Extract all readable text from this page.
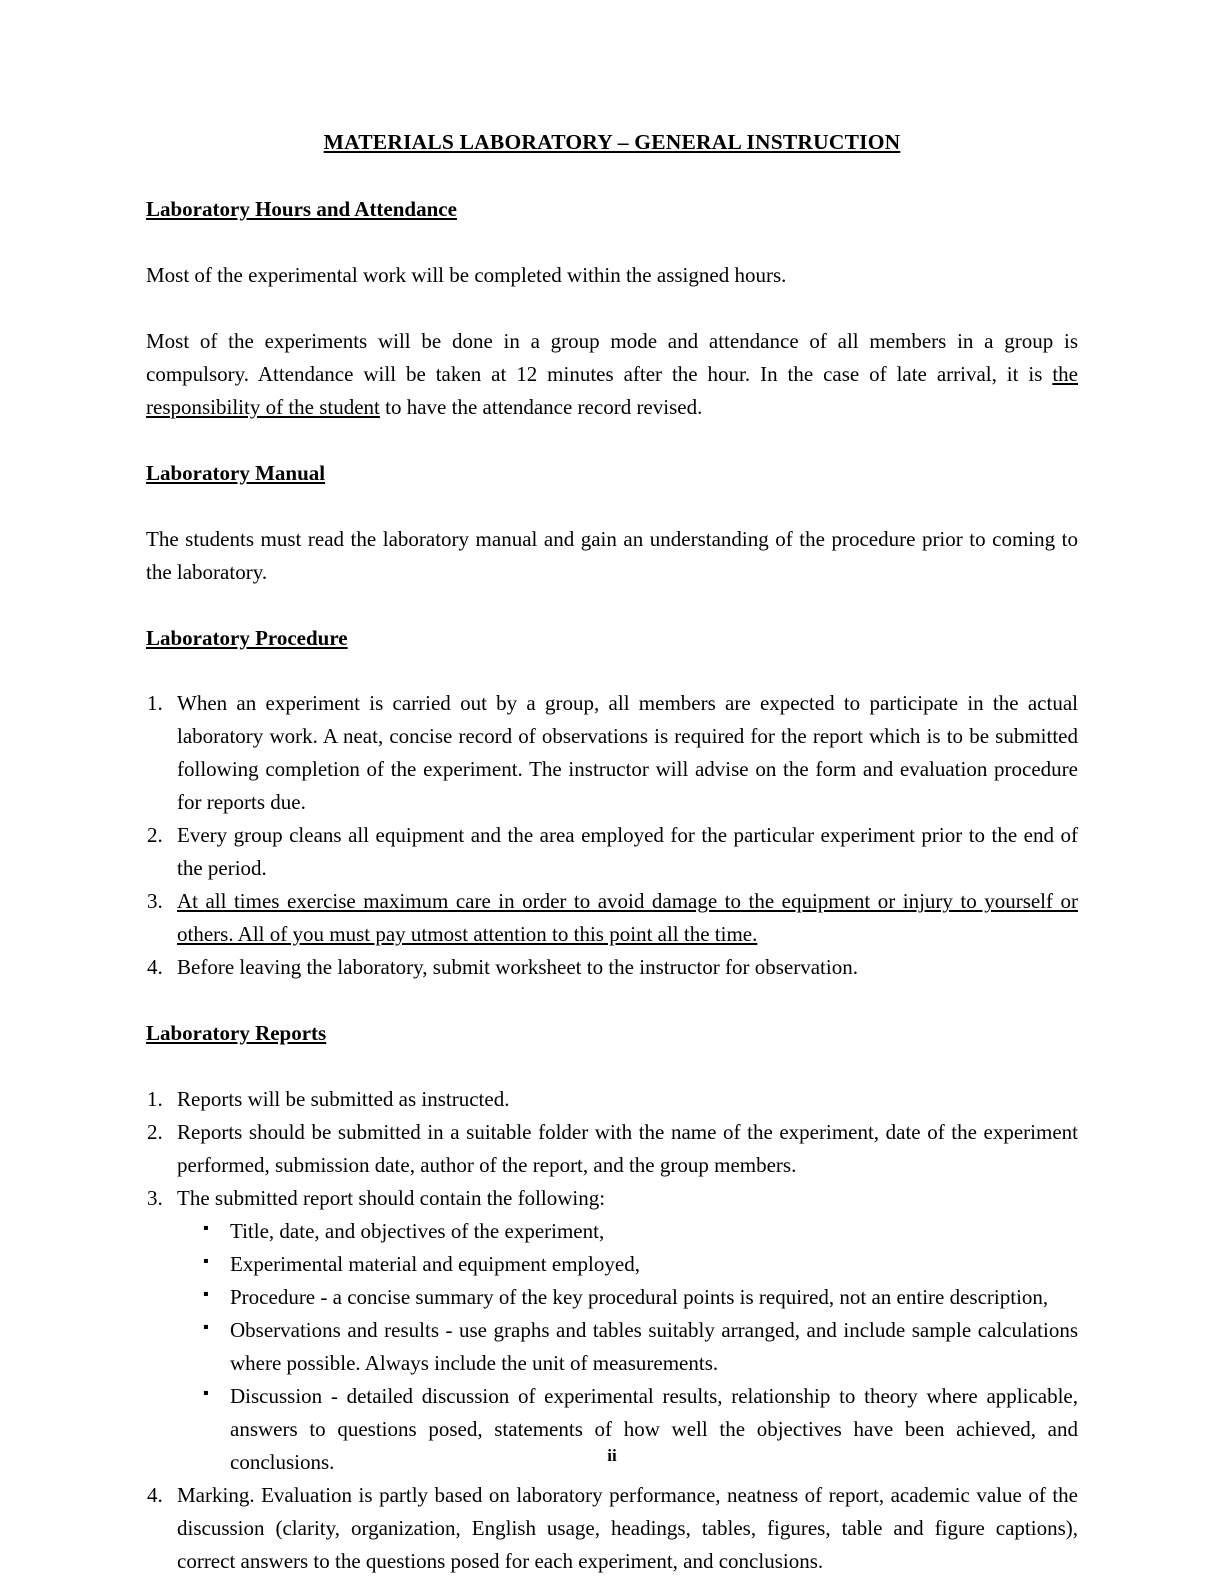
MATERIALS LABORATORY – GENERAL INSTRUCTION
Laboratory Hours and Attendance

Most of the experimental work will be completed within the assigned hours.

Most of the experiments will be done in a group mode and attendance of all members in a group is compulsory. Attendance will be taken at 12 minutes after the hour. In the case of late arrival, it is the responsibility of the student to have the attendance record revised.

Laboratory Manual

The students must read the laboratory manual and gain an understanding of the procedure prior to coming to the laboratory.

Laboratory Procedure
When an experiment is carried out by a group, all members are expected to participate in the actual laboratory work. A neat, concise record of observations is required for the report which is to be submitted following completion of the experiment. The instructor will advise on the form and evaluation procedure for reports due.
Every group cleans all equipment and the area employed for the particular experiment prior to the end of the period.
At all times exercise maximum care in order to avoid damage to the equipment or injury to yourself or others. All of you must pay utmost attention to this point all the time.
Before leaving the laboratory, submit worksheet to the instructor for observation.
Laboratory Reports
Reports will be submitted as instructed.
Reports should be submitted in a suitable folder with the name of the experiment, date of the experiment performed, submission date, author of the report, and the group members.
The submitted report should contain the following:
▪ Title, date, and objectives of the experiment,
▪ Experimental material and equipment employed,
▪ Procedure - a concise summary of the key procedural points is required, not an entire description,
▪ Observations and results - use graphs and tables suitably arranged, and include sample calculations where possible. Always include the unit of measurements.
▪ Discussion - detailed discussion of experimental results, relationship to theory where applicable, answers to questions posed, statements of how well the objectives have been achieved, and conclusions.
Marking. Evaluation is partly based on laboratory performance, neatness of report, academic value of the discussion (clarity, organization, English usage, headings, tables, figures, table and figure captions), correct answers to the questions posed for each experiment, and conclusions.
ii
